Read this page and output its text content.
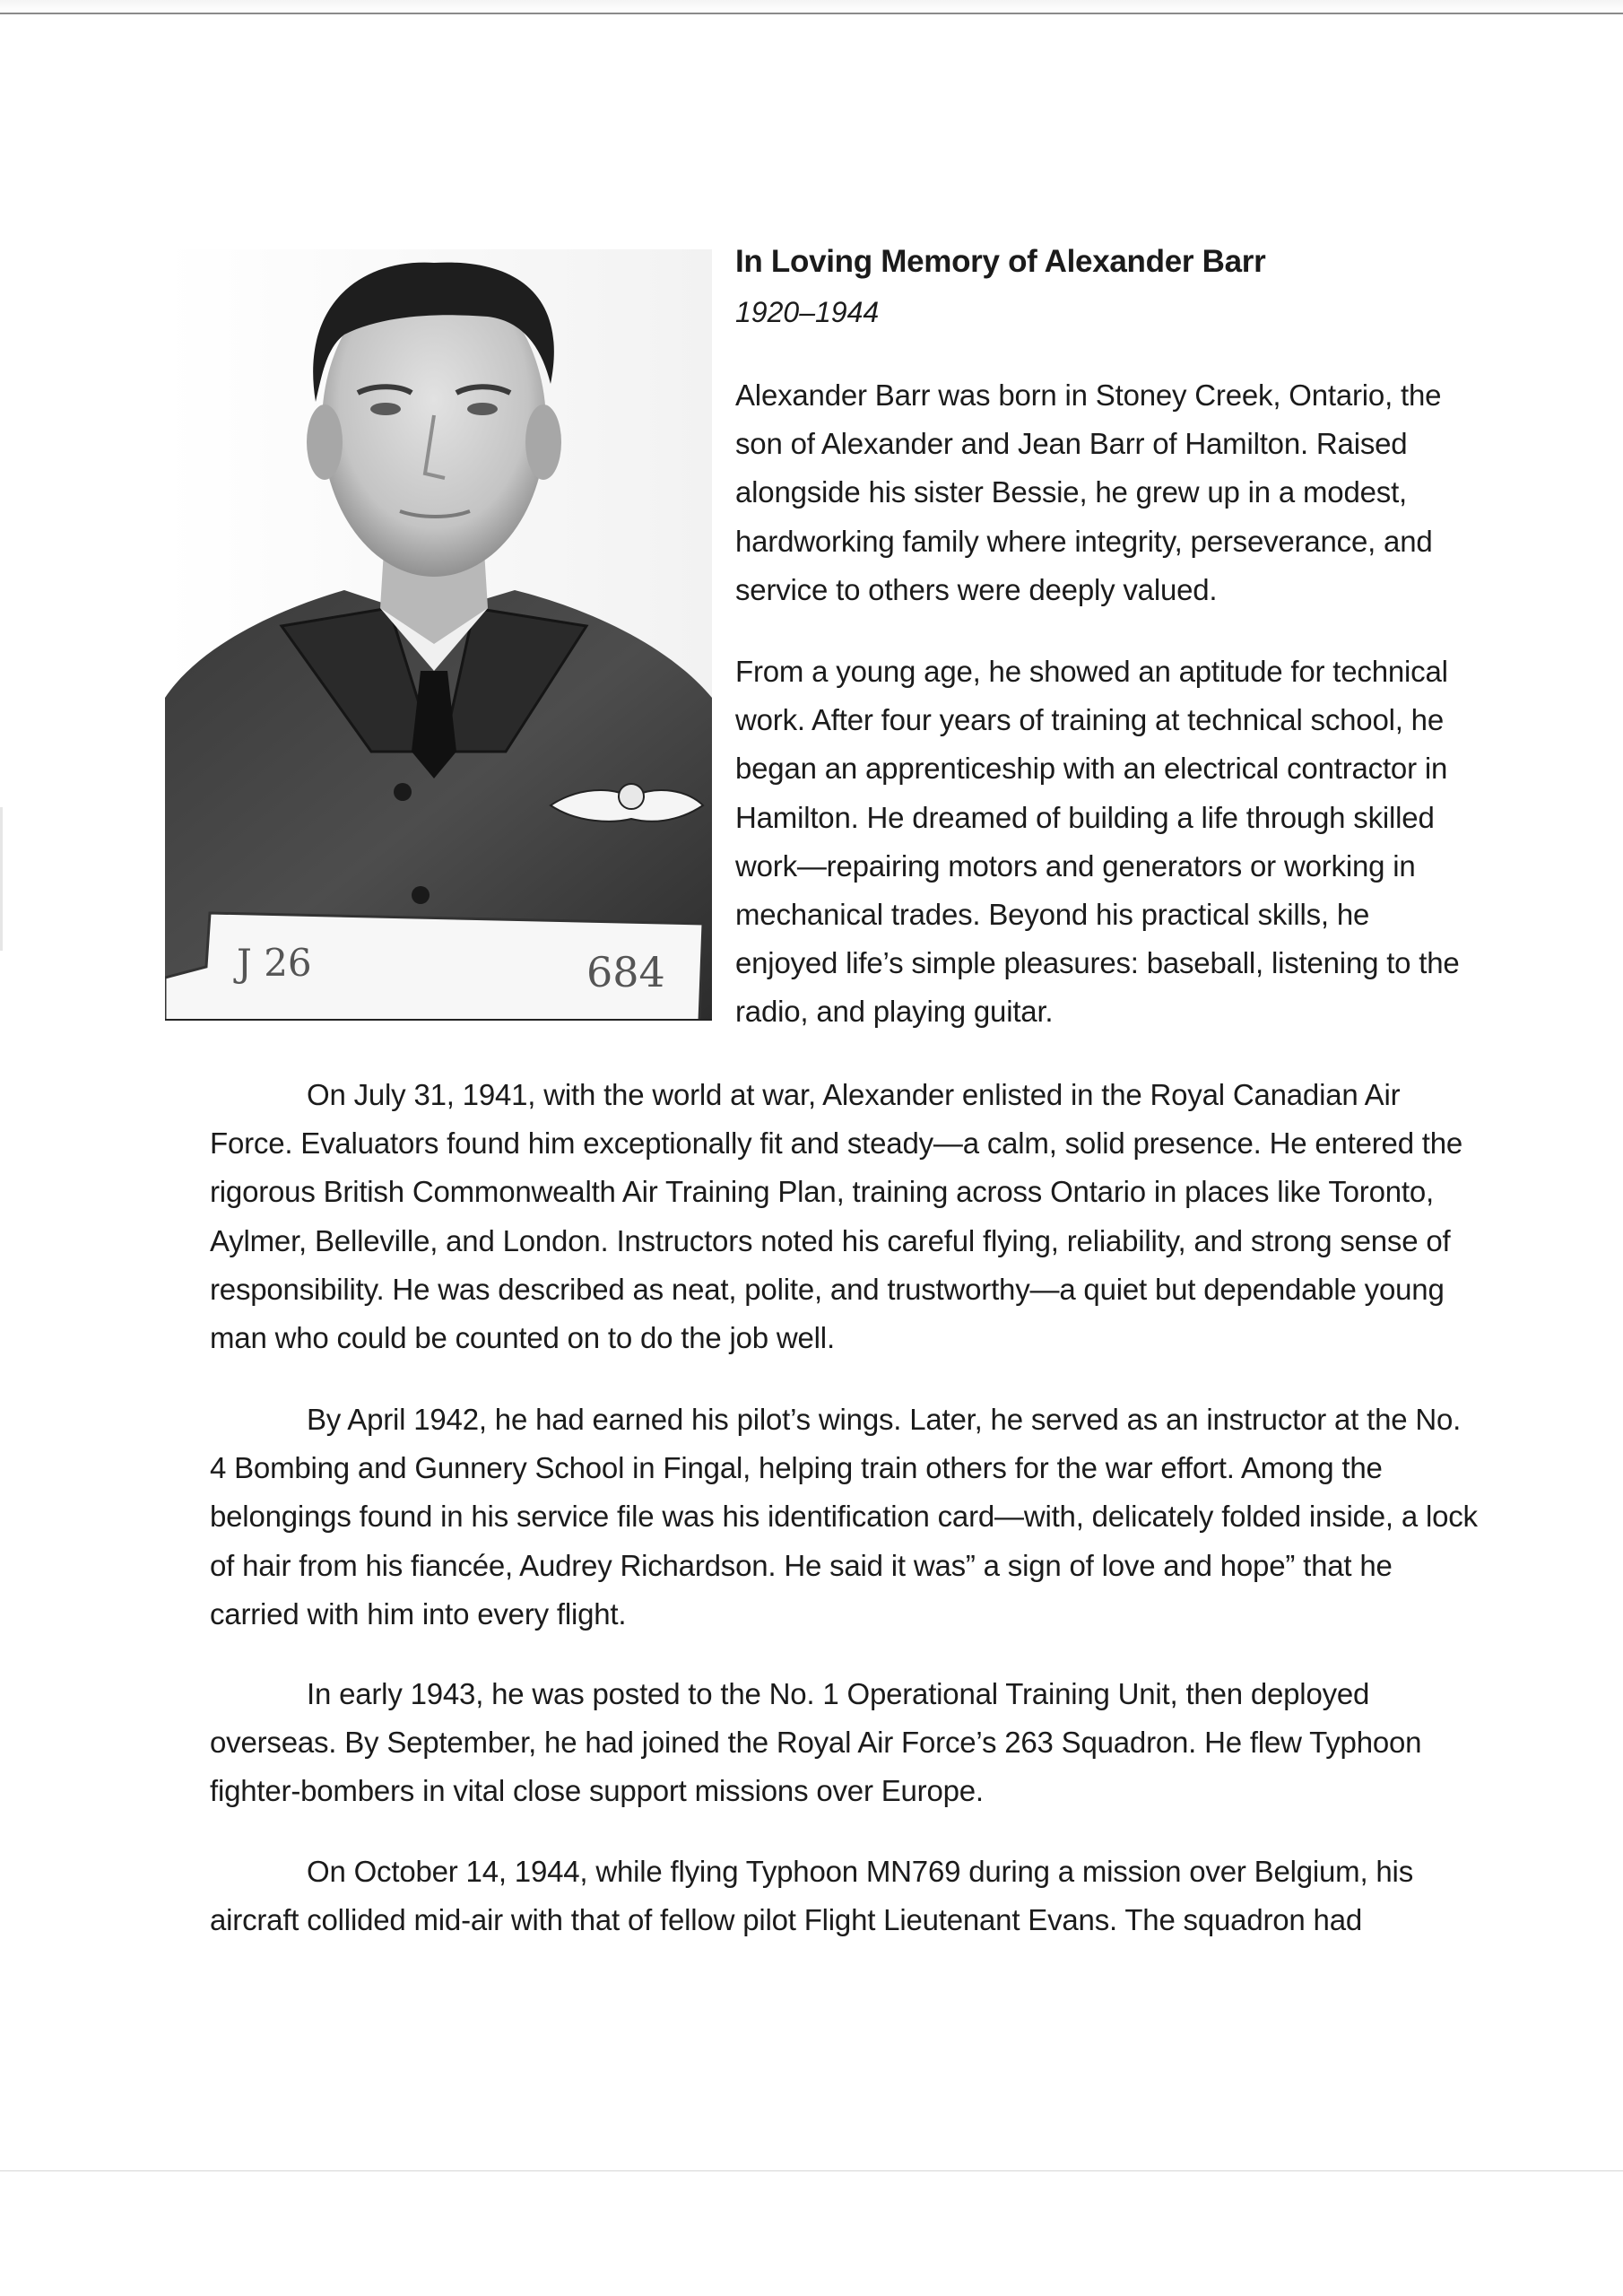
J 26	684
In Loving Memory of Alexander Barr

1920–1944

Alexander Barr was born in Stoney Creek, Ontario, the son of Alexander and Jean Barr of Hamilton. Raised alongside his sister Bessie, he grew up in a modest, hardworking family where integrity, perseverance, and service to others were deeply valued.

From a young age, he showed an aptitude for technical work. After four years of training at technical school, he began an apprenticeship with an electrical contractor in Hamilton. He dreamed of building a life through skilled work—repairing motors and generators or working in mechanical trades. Beyond his practical skills, he enjoyed life’s simple pleasures: baseball, listening to the radio, and playing guitar.

On July 31, 1941, with the world at war, Alexander enlisted in the Royal Canadian Air Force. Evaluators found him exceptionally fit and steady—a calm, solid presence. He entered the rigorous British Commonwealth Air Training Plan, training across Ontario in places like Toronto, Aylmer, Belleville, and London. Instructors noted his careful flying, reliability, and strong sense of responsibility. He was described as neat, polite, and trustworthy—a quiet but dependable young man who could be counted on to do the job well.

By April 1942, he had earned his pilot’s wings. Later, he served as an instructor at the No. 4 Bombing and Gunnery School in Fingal, helping train others for the war effort. Among the belongings found in his service file was his identification card—with, delicately folded inside, a lock of hair from his fiancée, Audrey Richardson. He said it was” a sign of love and hope” that he carried with him into every flight.

In early 1943, he was posted to the No. 1 Operational Training Unit, then deployed overseas. By September, he had joined the Royal Air Force’s 263 Squadron. He flew Typhoon fighter-bombers in vital close support missions over Europe.

On October 14, 1944, while flying Typhoon MN769 during a mission over Belgium, his aircraft collided mid-air with that of fellow pilot Flight Lieutenant Evans. The squadron had
